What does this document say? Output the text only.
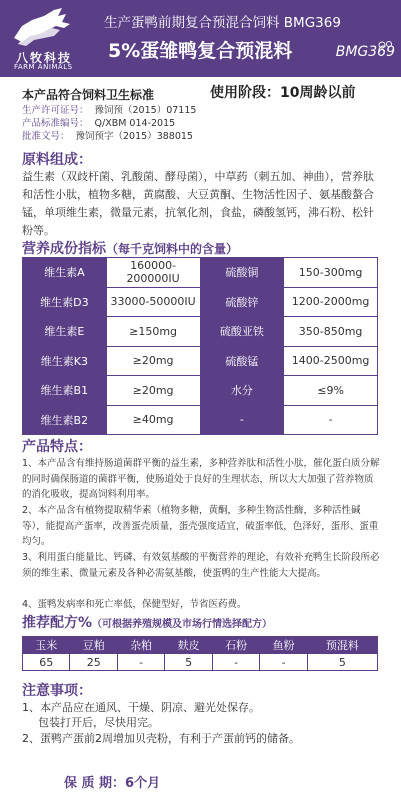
八牧科技
FARM ANIMALS
生产蛋鸭前期复合预混合饲料 BMG369
5%蛋雏鸭复合预混料	BMG369
本产品符合饲料卫生标准	使用阶段：10周龄以前
生产许可证号： 豫饲预（2015）07115
产品标准编号： Q/XBM 014-2015
批准文号： 豫饲预字（2015）388015
原料组成：
益生素（双歧杆菌、乳酸菌、酵母菌），中草药（刺五加、神曲），营养肽和活性小肽，植物多糖，黄腐酸、大豆黄酮、生物活性因子、氨基酸螯合锰，单项维生素，微量元素，抗氧化剂，食盐，磷酸氢钙，沸石粉、松针粉等。
营养成份指标（每千克饲料中的含量）
维生素A	160000-200000IU	硫酸铜	150-300mg
维生素D3	33000-50000IU	硫酸锌	1200-2000mg
维生素E	≥150mg	硫酸亚铁	350-850mg
维生素K3	≥20mg	硫酸锰	1400-2500mg
维生素B1	≥20mg	水分	≤9%
维生素B2	≥40mg	-	-
产品特点：
1、本产品含有维持肠道菌群平衡的益生素，多种营养肽和活性小肽，催化蛋白质分解的同时确保肠道的菌群平衡，使肠道处于良好的生理状态，所以大大加强了营养物质的消化吸收，提高饲料利用率。
2、本产品含有植物提取精华素（植物多糖，黄酮，多种生物活性酶，多种活性碱等），能提高产蛋率，改善蛋壳质量，蛋壳强度适宜，破蛋率低，色泽好，蛋形、蛋重均匀。
3、利用蛋白能量比、钙磷、有效氨基酸的平衡营养的理论，有效补充鸭生长阶段所必须的维生素、微量元素及各种必需氨基酸，使蛋鸭的生产性能大大提高。
4、蛋鸭发病率和死亡率低，保健型好，节省医药费。
推荐配方%（可根据养殖规模及市场行情选择配方）
玉米	豆粕	杂粕	麸皮	石粉	鱼粉	预混料
65	25	-	5	-	-	5
注意事项：
1、本产品应在通风、干燥、阴凉、避光处保存。
包装打开后，尽快用完。
2、蛋鸭产蛋前2周增加贝壳粉，有利于产蛋前钙的储备。
保 质 期：6个月
